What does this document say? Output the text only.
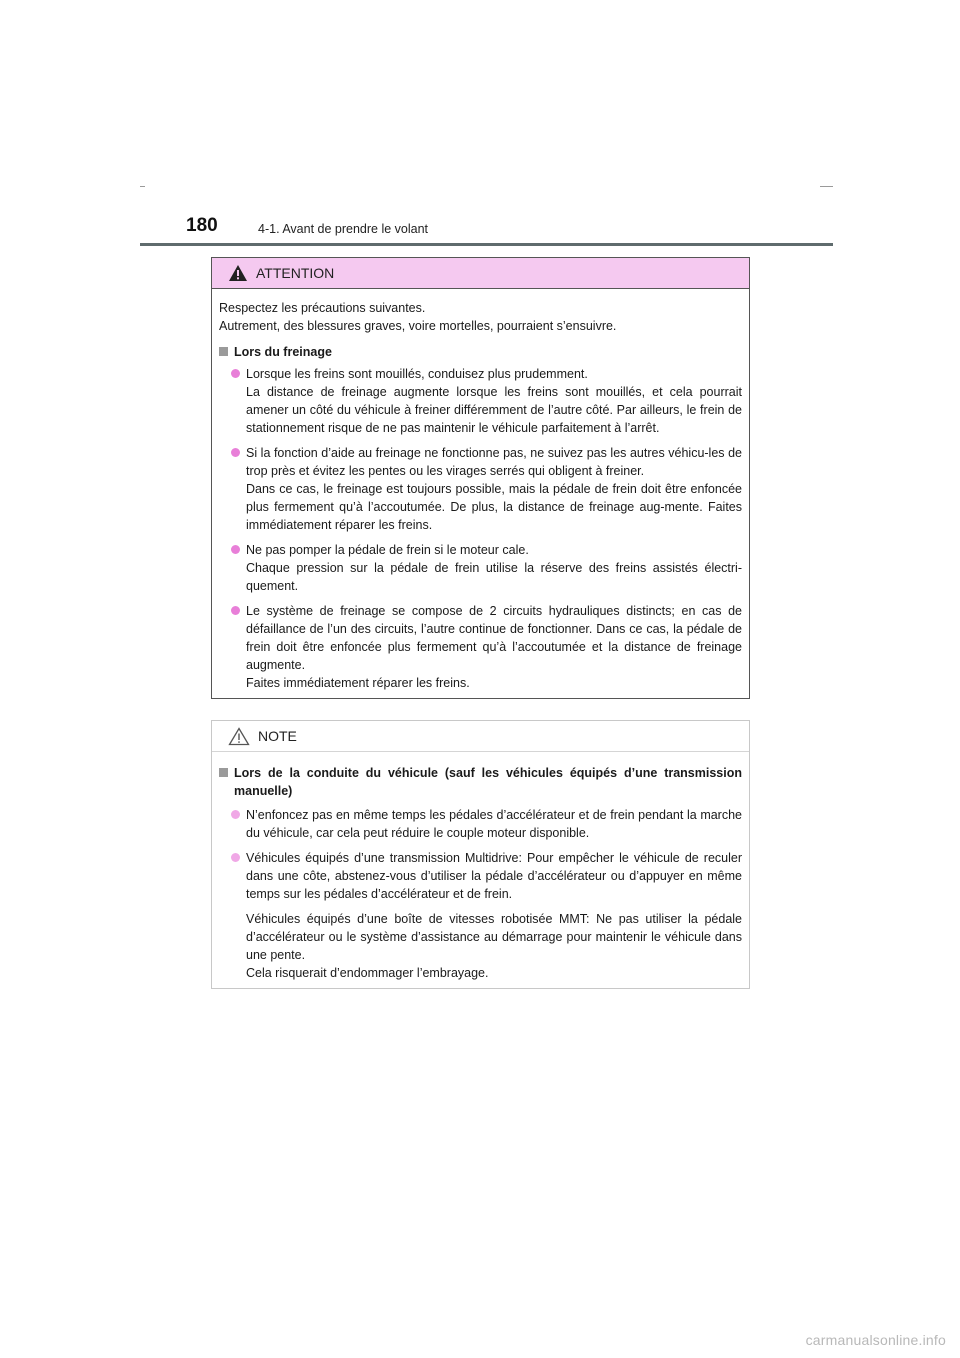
180	4-1. Avant de prendre le volant
ATTENTION

Respectez les précautions suivantes.

Autrement, des blessures graves, voire mortelles, pourraient s’ensuivre.

Lors du freinage

Lorsque les freins sont mouillés, conduisez plus prudemment.

La distance de freinage augmente lorsque les freins sont mouillés, et cela pourrait amener un côté du véhicule à freiner différemment de l’autre côté. Par ailleurs, le frein de stationnement risque de ne pas maintenir le véhicule parfaitement à l’arrêt.

Si la fonction d’aide au freinage ne fonctionne pas, ne suivez pas les autres véhicu-les de trop près et évitez les pentes ou les virages serrés qui obligent à freiner.

Dans ce cas, le freinage est toujours possible, mais la pédale de frein doit être enfoncée plus fermement qu’à l’accoutumée. De plus, la distance de freinage aug-mente. Faites immédiatement réparer les freins.

Ne pas pomper la pédale de frein si le moteur cale.

Chaque pression sur la pédale de frein utilise la réserve des freins assistés électri-quement.

Le système de freinage se compose de 2 circuits hydrauliques distincts; en cas de défaillance de l’un des circuits, l’autre continue de fonctionner. Dans ce cas, la pédale de frein doit être enfoncée plus fermement qu’à l’accoutumée et la distance de freinage augmente.

Faites immédiatement réparer les freins.

NOTE
Lors de la conduite du véhicule (sauf les véhicules équipés d’une transmission manuelle)

N’enfoncez pas en même temps les pédales d’accélérateur et de frein pendant la marche du véhicule, car cela peut réduire le couple moteur disponible.

Véhicules équipés d’une transmission Multidrive: Pour empêcher le véhicule de reculer dans une côte, abstenez-vous d’utiliser la pédale d’accélérateur ou d’appuyer en même temps sur les pédales d’accélérateur et de frein.

Véhicules équipés d’une boîte de vitesses robotisée MMT: Ne pas utiliser la pédale d’accélérateur ou le système d’assistance au démarrage pour maintenir le véhicule dans une pente.

Cela risquerait d’endommager l’embrayage.

carmanualsonline.info
